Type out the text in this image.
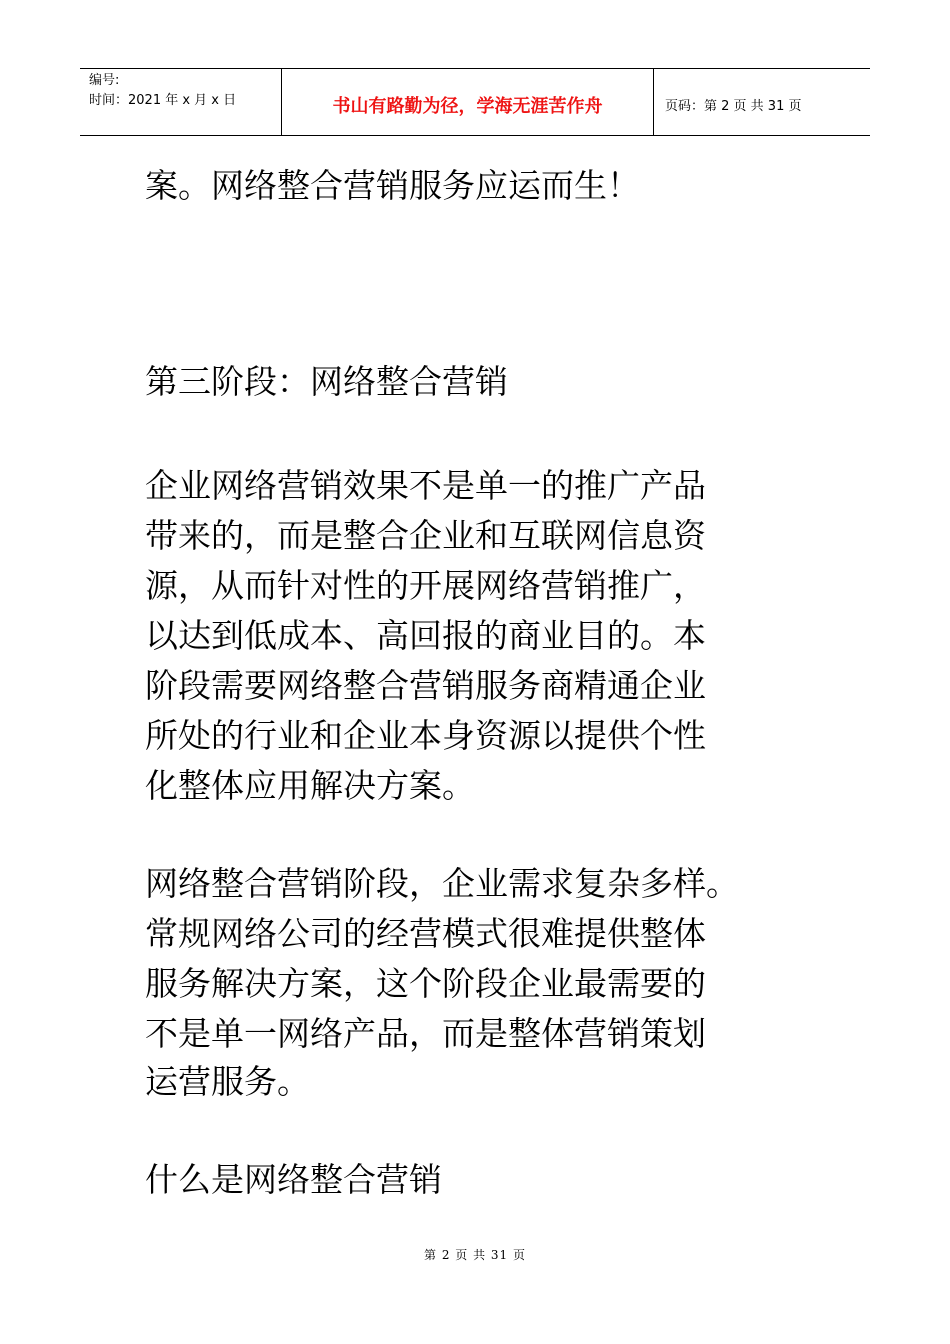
编号:
时间：2021 年 x 月 x 日	书山有路勤为径，学海无涯苦作舟	页码：第 2 页 共 31 页
案。网络整合营销服务应运而生！
第三阶段：网络整合营销
企业网络营销效果不是单一的推广产品
带来的，而是整合企业和互联网信息资
源，从而针对性的开展网络营销推广，
以达到低成本、高回报的商业目的。本
阶段需要网络整合营销服务商精通企业
所处的行业和企业本身资源以提供个性
化整体应用解决方案。
网络整合营销阶段，企业需求复杂多样。
常规网络公司的经营模式很难提供整体
服务解决方案，这个阶段企业最需要的
不是单一网络产品，而是整体营销策划
运营服务。
什么是网络整合营销
第 2 页 共 31 页
